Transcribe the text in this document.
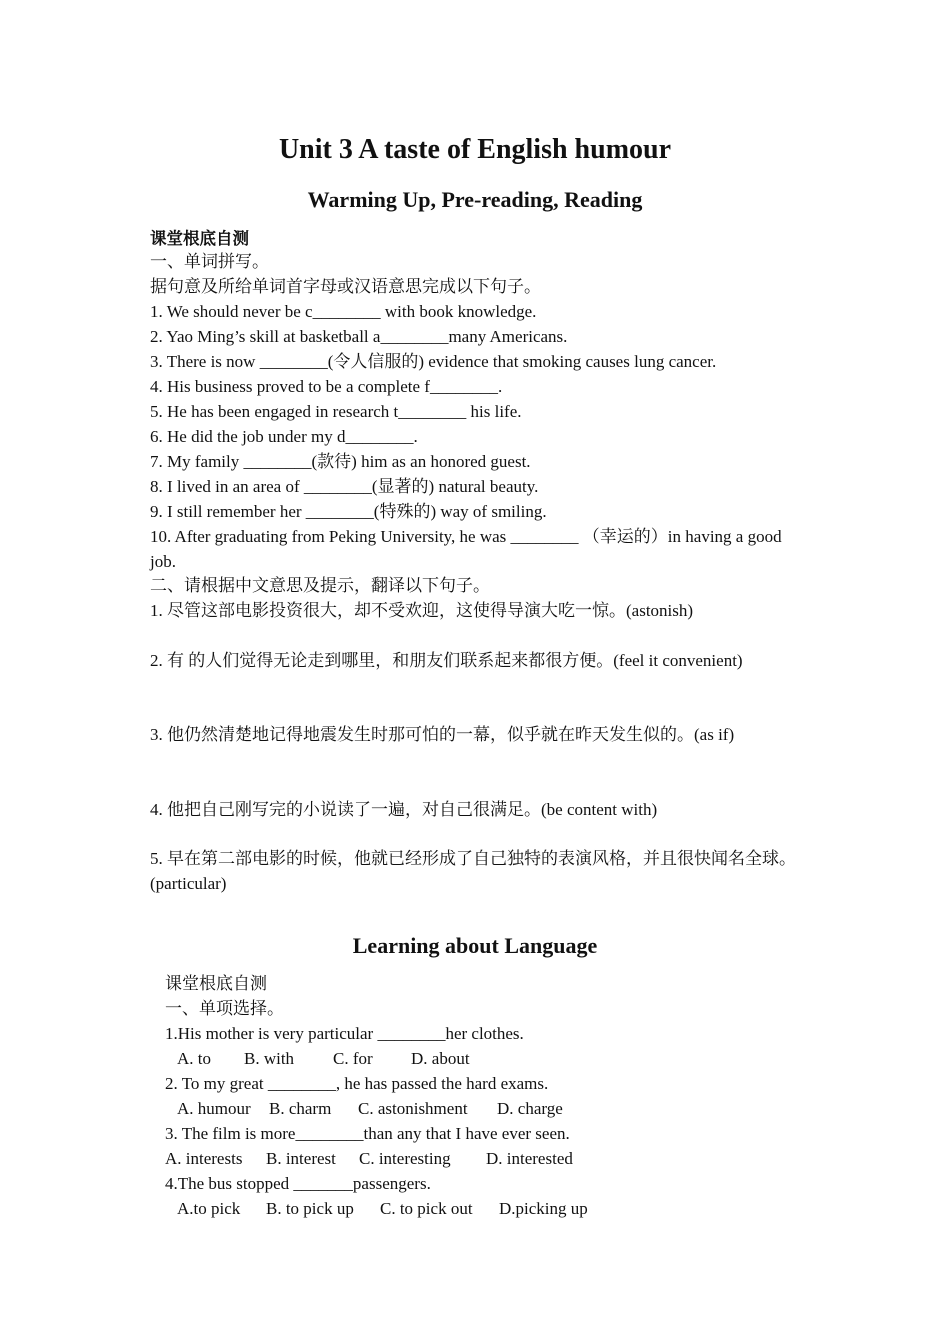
Unit 3 A taste of English humour
Warming Up, Pre-reading, Reading

课堂根底自测

一、单词拼写。

据句意及所给单词首字母或汉语意思完成以下句子。

1. We should never be c________ with book knowledge.

2. Yao Ming’s skill at basketball a________many Americans.

3. There is now ________(令人信服的) evidence that smoking causes lung cancer.

4. His business proved to be a complete f________.

5. He has been engaged in research t________ his life.

6. He did the job under my d________.

7. My family ________(款待) him as an honored guest.

8. I lived in an area of ________(显著的) natural beauty.

9. I still remember her ________(特殊的) way of smiling.

10. After graduating from Peking University, he was ________ （幸运的）in having a good job.

二、请根据中文意思及提示，翻译以下句子。

1. 尽管这部电影投资很大，却不受欢迎，这使得导演大吃一惊。(astonish)

2. 有 的人们觉得无论走到哪里，和朋友们联系起来都很方便。(feel it convenient)

3. 他仍然清楚地记得地震发生时那可怕的一幕，似乎就在昨天发生似的。(as if)

4. 他把自己刚写完的小说读了一遍，对自己很满足。(be content with)

5. 早在第二部电影的时候，他就已经形成了自己独特的表演风格，并且很快闻名全球。(particular)

Learning about Language

课堂根底自测

一、单项选择。

1.His mother is very particular ________her clothes.

A. to B. with C. for D. about

2. To my great ________, he has passed the hard exams.

A. humour B. charm C. astonishment D. charge

3. The film is more________than any that I have ever seen.

A. interests B. interest C. interesting D. interested

4.The bus stopped _______passengers.

A.to pick B. to pick up C. to pick out D.picking up
